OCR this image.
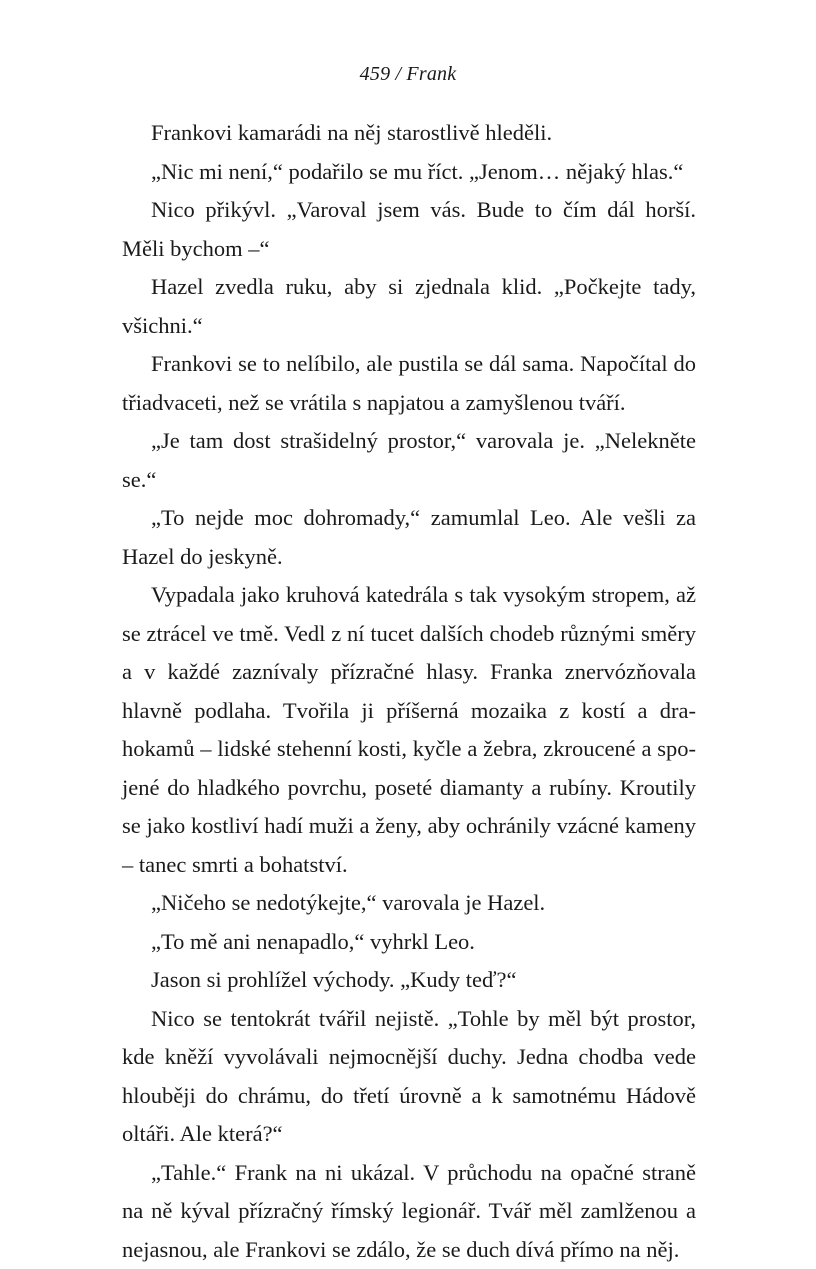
459 / Frank

Frankovi kamarádi na něj starostlivě hleděli.

„Nic mi není,“ podařilo se mu říct. „Jenom… nějaký hlas.“

Nico přikývl. „Varoval jsem vás. Bude to čím dál horší. Měli bychom –“

Hazel zvedla ruku, aby si zjednala klid. „Počkejte tady, všichni.“

Frankovi se to nelíbilo, ale pustila se dál sama. Napočítal do třiadvaceti, než se vrátila s napjatou a zamyšlenou tváří.

„Je tam dost strašidelný prostor,“ varovala je. „Nelekněte se.“

„To nejde moc dohromady,“ zamumlal Leo. Ale vešli za Hazel do jeskyně.

Vypadala jako kruhová katedrála s tak vysokým stropem, až se ztrácel ve tmě. Vedl z ní tucet dalších chodeb různými směry a v každé zaznívaly přízračné hlasy. Franka znervózňovala hlavně podlaha. Tvořila ji příšerná mozaika z kostí a drahokamů – lidské stehenní kosti, kyčle a žebra, zkroucené a spojené do hladkého povrchu, poseté diamanty a rubíny. Kroutily se jako kostliví hadí muži a ženy, aby ochránily vzácné kameny – tanec smrti a bohatství.

„Ničeho se nedotýkejte,“ varovala je Hazel.

„To mě ani nenapadlo,“ vyhrkl Leo.

Jason si prohlížel východy. „Kudy teď?“

Nico se tentokrát tvářil nejistě. „Tohle by měl být prostor, kde kněží vyvolávali nejmocnější duchy. Jedna chodba vede hlouběji do chrámu, do třetí úrovně a k samotnému Hádově oltáři. Ale která?“

„Tahle.“ Frank na ni ukázal. V průchodu na opačné straně na ně kýval přízračný římský legionář. Tvář měl zamlženou a nejasnou, ale Frankovi se zdálo, že se duch dívá přímo na něj.
